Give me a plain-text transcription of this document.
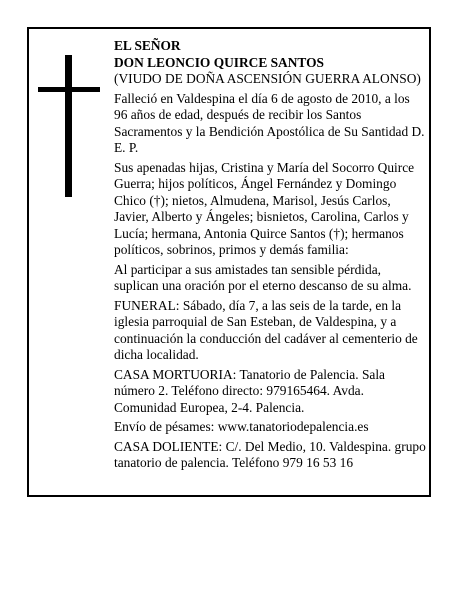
EL SEÑOR

DON LEONCIO QUIRCE SANTOS

(VIUDO DE DOÑA ASCENSIÓN GUERRA ALONSO)

Falleció en Valdespina el día 6 de agosto de 2010, a los 96 años de edad, después de recibir los Santos Sacramentos y la Bendición Apostólica de Su Santidad D. E. P.

Sus apenadas hijas, Cristina y María del Socorro Quirce Guerra; hijos políticos, Ángel Fernández y Domingo Chico (†); nietos, Almudena, Marisol, Jesús Carlos, Javier, Alberto y Ángeles; bisnietos, Carolina, Carlos y Lucía; hermana, Antonia Quirce Santos (†); hermanos políticos, sobrinos, primos y demás familia:

Al participar a sus amistades tan sensible pérdida, suplican una oración por el eterno descanso de su alma.

FUNERAL: Sábado, día 7, a las seis de la tarde, en la iglesia parroquial de San Esteban, de Valdespina, y a continuación la conducción del cadáver al cementerio de dicha localidad.

CASA MORTUORIA: Tanatorio de Palencia. Sala número 2. Teléfono directo: 979165464. Avda. Comunidad Europea, 2-4. Palencia.

Envío de pésames: www.tanatoriodepalencia.es

CASA DOLIENTE: C/. Del Medio, 10. Valdespina. grupo tanatorio de palencia. Teléfono 979 16 53 16
